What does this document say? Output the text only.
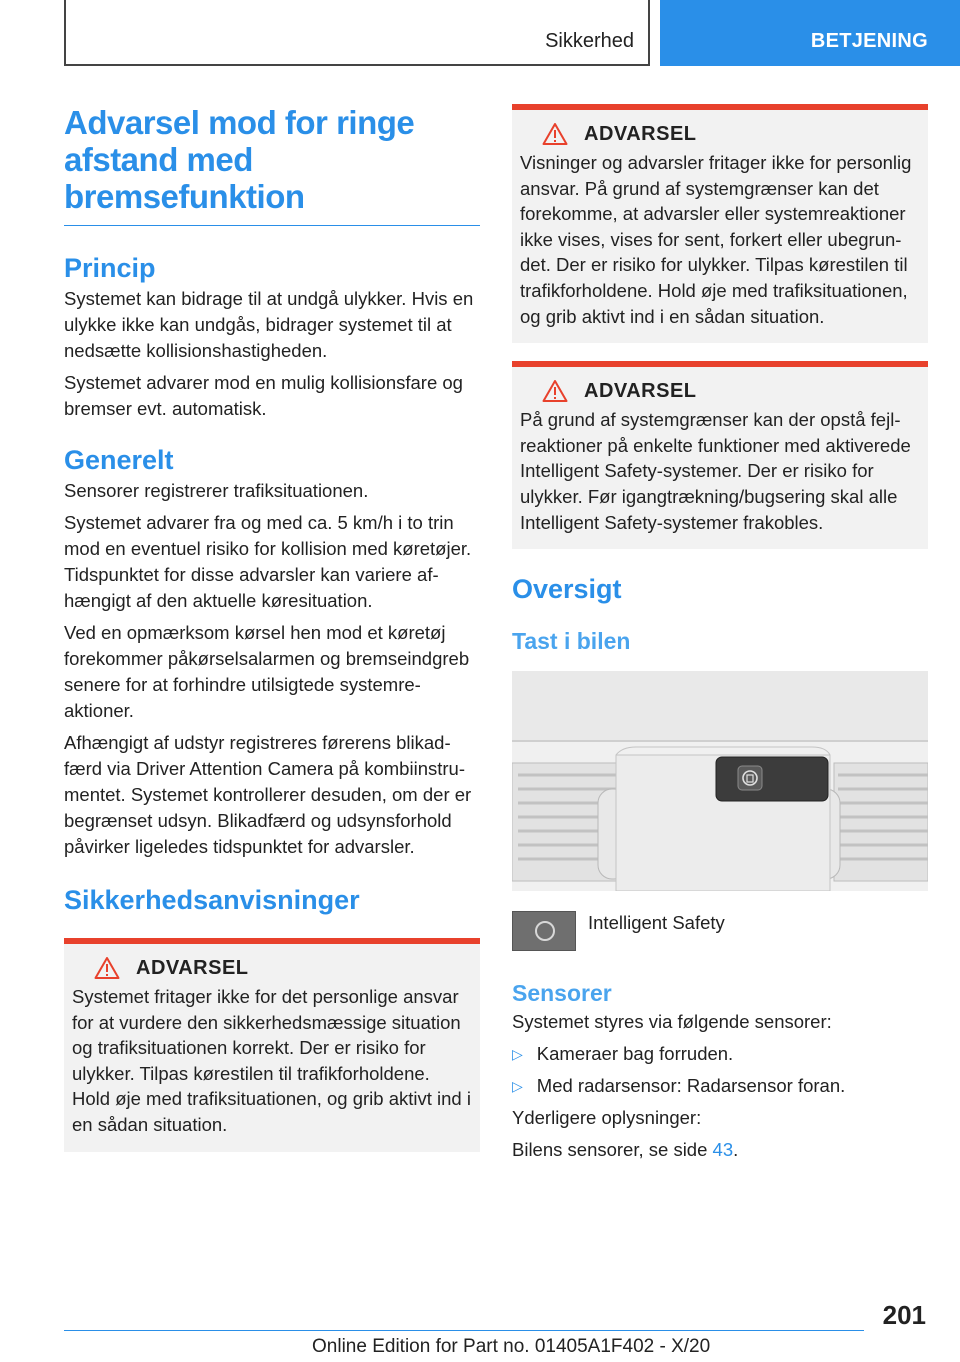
Sikkerhed	BETJENING
Advarsel mod for ringe afstand med bremsefunktion
Princip

Systemet kan bidrage til at undgå ulykker. Hvis en ulykke ikke kan undgås, bidrager systemet til at nedsætte kollisionshastigheden.

Systemet advarer mod en mulig kollisionsfare og bremser evt. automatisk.

Generelt

Sensorer registrerer trafiksituationen.

Systemet advarer fra og med ca. 5 km/h i to trin mod en eventuel risiko for kollision med køretøjer. Tidspunktet for disse advarsler kan variere afhængigt af den aktuelle køresituation.

Ved en opmærksom kørsel hen mod et køretøj forekommer påkørselsalarmen og bremseindgreb senere for at forhindre utilsigtede systemreaktioner.

Afhængigt af udstyr registreres førerens blikadfærd via Driver Attention Camera på kombiinstrumentet. Systemet kontrollerer desuden, om der er begrænset udsyn. Blikadfærd og udsynsforhold påvirker ligeledes tidspunktet for advarsler.

Sikkerhedsanvisninger
ADVARSEL

Systemet fritager ikke for det personlige ansvar for at vurdere den sikkerhedsmæssige situation og trafiksituationen korrekt. Der er risiko for ulykker. Tilpas kørestilen til trafikforholdene. Hold øje med trafiksituationen, og grib aktivt ind i en sådan situation.

ADVARSEL

Visninger og advarsler fritager ikke for personlig ansvar. På grund af systemgrænser kan det forekomme, at advarsler eller systemreaktioner ikke vises, vises for sent, forkert eller ubegrundet. Der er risiko for ulykker. Tilpas kørestilen til trafikforholdene. Hold øje med trafiksituationen, og grib aktivt ind i en sådan situation.

ADVARSEL

På grund af systemgrænser kan der opstå fejlreaktioner på enkelte funktioner med aktiverede Intelligent Safety-systemer. Der er risiko for ulykker. Før igangtrækning/bugsering skal alle Intelligent Safety-systemer frakobles.

Oversigt
Tast i bilen
Intelligent Safety
Sensorer

Systemet styres via følgende sensorer:

▷ Kameraer bag forruden.
▷ Med radarsensor: Radarsensor foran.

Yderligere oplysninger:

Bilens sensorer, se side 43.

201
Online Edition for Part no. 01405A1F402 - X/20
